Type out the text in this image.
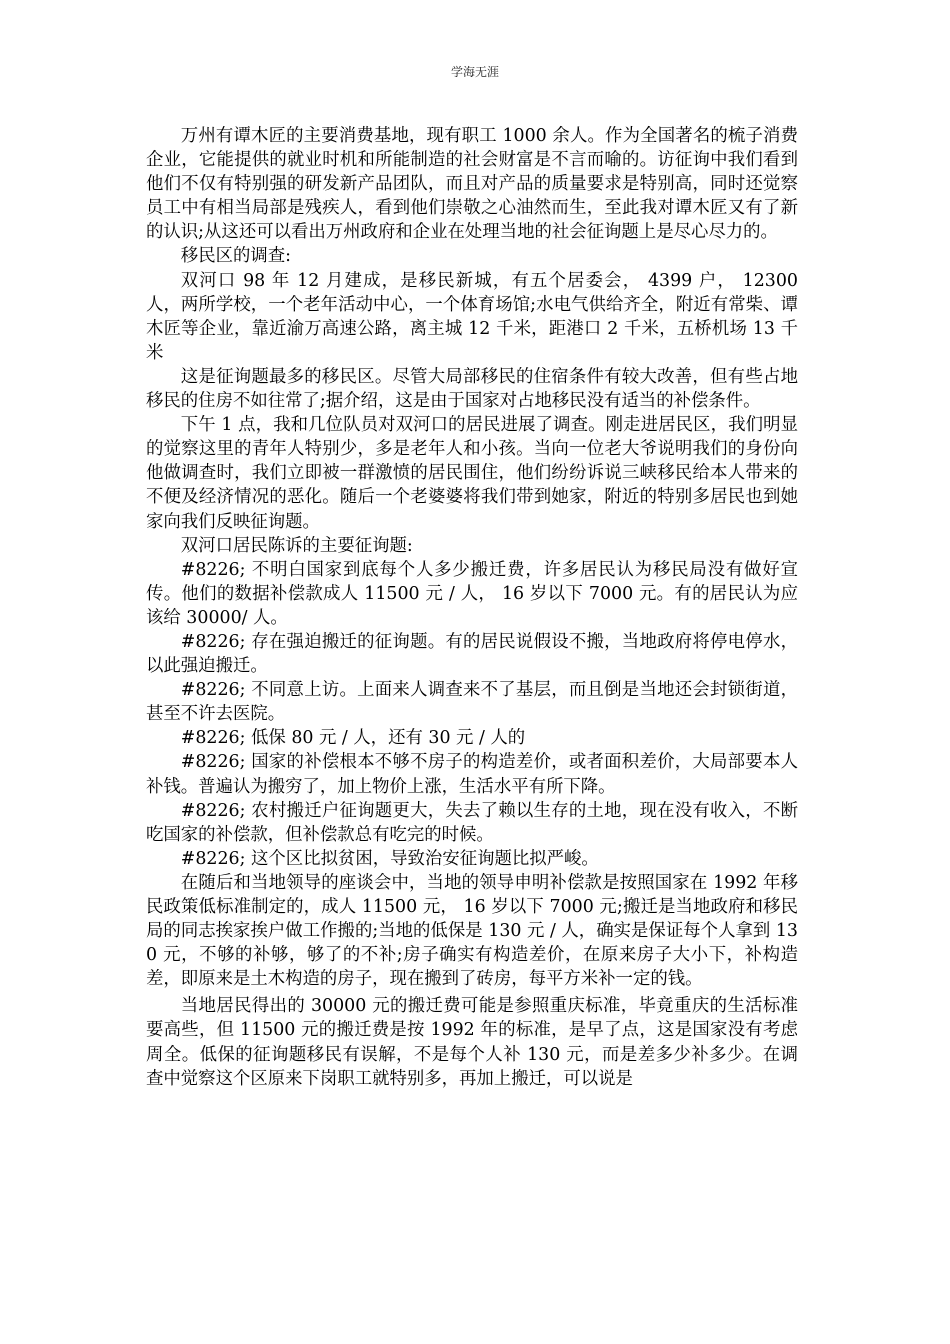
学海无涯

万州有谭木匠的主要消费基地，现有职工 1000 余人。作为全国著名的梳子消费企业，它能提供的就业时机和所能制造的社会财富是不言而喻的。访征询中我们看到他们不仅有特别强的研发新产品团队，而且对产品的质量要求是特别高，同时还觉察员工中有相当局部是残疾人，看到他们崇敬之心油然而生，至此我对谭木匠又有了新的认识;从这还可以看出万州政府和企业在处理当地的社会征询题上是尽心尽力的。

移民区的调查:

双河口 98 年 12 月建成，是移民新城，有五个居委会， 4399 户， 12300 人，两所学校，一个老年活动中心，一个体育场馆;水电气供给齐全，附近有常柴、谭木匠等企业，靠近渝万高速公路，离主城 12 千米，距港口 2 千米，五桥机场 13 千米

这是征询题最多的移民区。尽管大局部移民的住宿条件有较大改善，但有些占地移民的住房不如往常了;据介绍，这是由于国家对占地移民没有适当的补偿条件。

下午 1 点，我和几位队员对双河口的居民进展了调查。刚走进居民区，我们明显的觉察这里的青年人特别少，多是老年人和小孩。当向一位老大爷说明我们的身份向他做调查时，我们立即被一群激愤的居民围住，他们纷纷诉说三峡移民给本人带来的不便及经济情况的恶化。随后一个老婆婆将我们带到她家，附近的特别多居民也到她家向我们反映征询题。

双河口居民陈诉的主要征询题:

#8226; 不明白国家到底每个人多少搬迁费，许多居民认为移民局没有做好宣传。他们的数据补偿款成人 11500 元 / 人， 16 岁以下 7000 元。有的居民认为应该给 30000/ 人。

#8226; 存在强迫搬迁的征询题。有的居民说假设不搬，当地政府将停电停水，以此强迫搬迁。

#8226; 不同意上访。上面来人调查来不了基层，而且倒是当地还会封锁街道，甚至不许去医院。

#8226; 低保 80 元 / 人，还有 30 元 / 人的

#8226; 国家的补偿根本不够不房子的构造差价，或者面积差价，大局部要本人补钱。普遍认为搬穷了，加上物价上涨，生活水平有所下降。

#8226; 农村搬迁户征询题更大，失去了赖以生存的土地，现在没有收入，不断吃国家的补偿款，但补偿款总有吃完的时候。

#8226; 这个区比拟贫困，导致治安征询题比拟严峻。

在随后和当地领导的座谈会中，当地的领导申明补偿款是按照国家在 1992 年移民政策低标准制定的，成人 11500 元， 16 岁以下 7000 元;搬迁是当地政府和移民局的同志挨家挨户做工作搬的;当地的低保是 130 元 / 人，确实是保证每个人拿到 130 元，不够的补够，够了的不补;房子确实有构造差价，在原来房子大小下，补构造差，即原来是土木构造的房子，现在搬到了砖房，每平方米补一定的钱。

当地居民得出的 30000 元的搬迁费可能是参照重庆标准，毕竟重庆的生活标准要高些，但 11500 元的搬迁费是按 1992 年的标准，是早了点，这是国家没有考虑周全。低保的征询题移民有误解，不是每个人补 130 元，而是差多少补多少。在调查中觉察这个区原来下岗职工就特别多，再加上搬迁，可以说是
